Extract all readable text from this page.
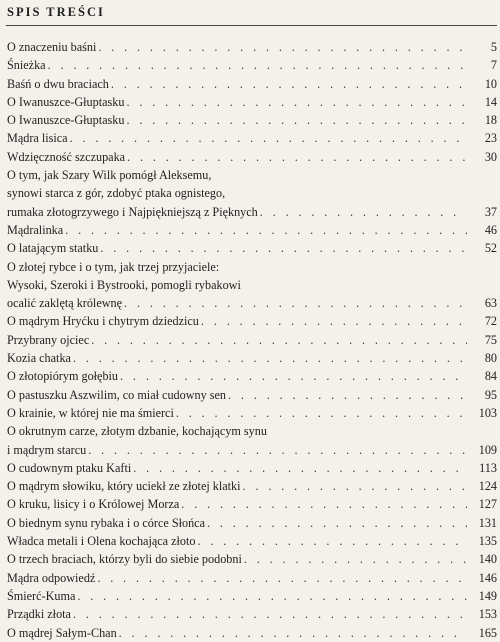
SPIS TREŚCI
O znaczeniu baśni . . .	5
Śnieżka . . .	7
Baśń o dwu braciach . . .	10
O Iwanuszce-Głuptasku . . .	14
O Iwanuszce-Głuptasku . . .	18
Mądra lisica . . .	23
Wdzięczność szczupaka . . .	30
O tym, jak Szary Wilk pomógł Aleksemu,
synowi starca z gór, zdobyć ptaka ognistego,
rumaka złotogrzywego i Najpiękniejszą z Pięknych . . .	37
Mądralinka . . .	46
O latającym statku . . .	52
O złotej rybce i o tym, jak trzej przyjaciele:
Wysoki, Szeroki i Bystrooki, pomogli rybakowi
ocalić zaklętą królewnę . . .	63
O mądrym Hryćku i chytrym dziedzicu . . .	72
Przybrany ojciec . . .	75
Kozia chatka . . .	80
O złotopiórym gołębiu . . .	84
O pastuszku Aszwilim, co miał cudowny sen . . .	95
O krainie, w której nie ma śmierci . . .	103
O okrutnym carze, złotym dzbanie, kochającym synu
i mądrym starcu . . .	109
O cudownym ptaku Kafti . . .	113
O mądrym słowiku, który uciekł ze złotej klatki . . .	124
O kruku, lisicy i o Królowej Morza . . .	127
O biednym synu rybaka i o córce Słońca . . .	131
Władca metali i Olena kochająca złoto . . .	135
O trzech braciach, którzy byli do siebie podobni . . .	140
Mądra odpowiedź . . .	146
Śmierć-Kuma . . .	149
Prządki złota . . .	153
O mądrej Sałym-Chan . . .	165
